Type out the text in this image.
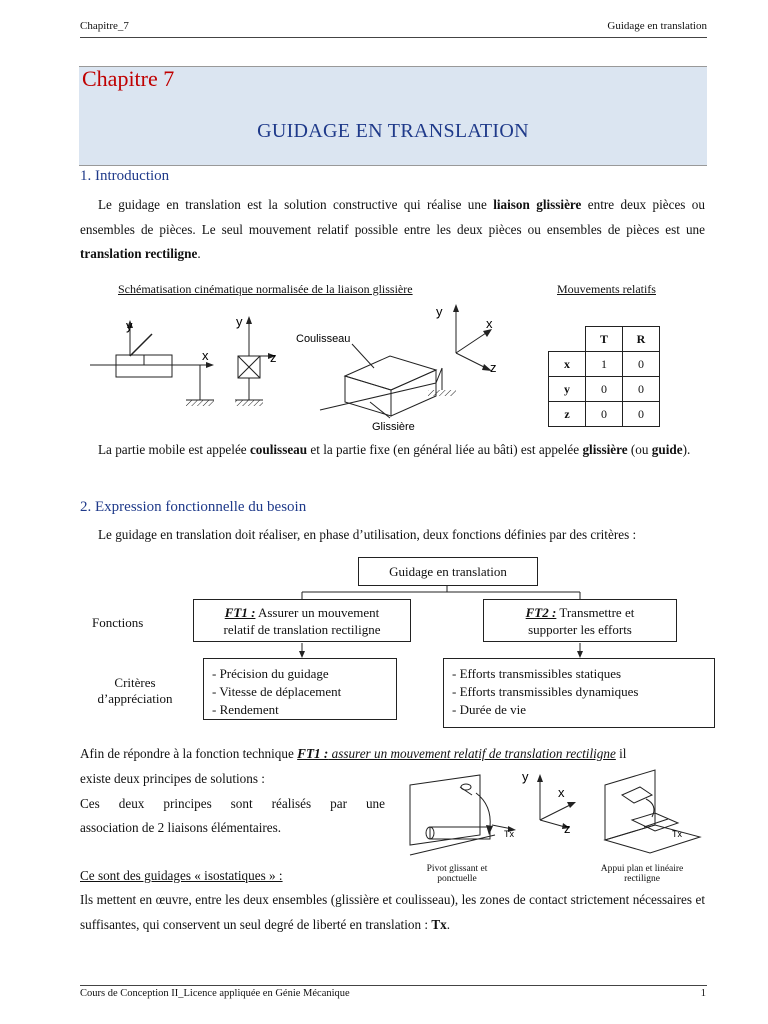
Chapitre_7	Guidage en translation
Chapitre 7
GUIDAGE EN TRANSLATION
1. Introduction
Le guidage en translation est la solution constructive qui réalise une liaison glissière entre deux pièces ou ensembles de pièces. Le seul mouvement relatif possible entre les deux pièces ou ensembles de pièces est une translation rectiligne.
Schématisation cinématique normalisée de la liaison glissière	Mouvements relatifs
y
x
y
z
Coulisseau
Glissière
y
x
z
	T	R
x	1	0
y	0	0
z	0	0
La partie mobile est appelée coulisseau et la partie fixe (en général liée au bâti) est appelée glissière (ou guide).
2. Expression fonctionnelle du besoin
Le guidage en translation doit réaliser, en phase d’utilisation, deux fonctions définies par des critères :
Guidage en translation
Fonctions
Critères
d’appréciation
FT1 : Assurer un mouvement
relatif de translation rectiligne
FT2 : Transmettre et
supporter les efforts
- Précision du guidage
- Vitesse de déplacement
- Rendement
- Efforts transmissibles statiques
- Efforts transmissibles dynamiques
- Durée de vie
Afin de répondre à la fonction technique FT1 : assurer un mouvement relatif de translation rectiligne il
existe deux principes de solutions :
Ces deux principes sont réalisés par une
association de 2 liaisons élémentaires.	Tx
y
x
z	Tx
Pivot glissant et
ponctuelle
Appui plan et linéaire
rectiligne
Ce sont des guidages « isostatiques » :
Ils mettent en œuvre, entre les deux ensembles (glissière et coulisseau), les zones de contact strictement nécessaires et suffisantes, qui conservent un seul degré de liberté en translation : Tx.
Cours de Conception II_Licence appliquée en Génie Mécanique	1
